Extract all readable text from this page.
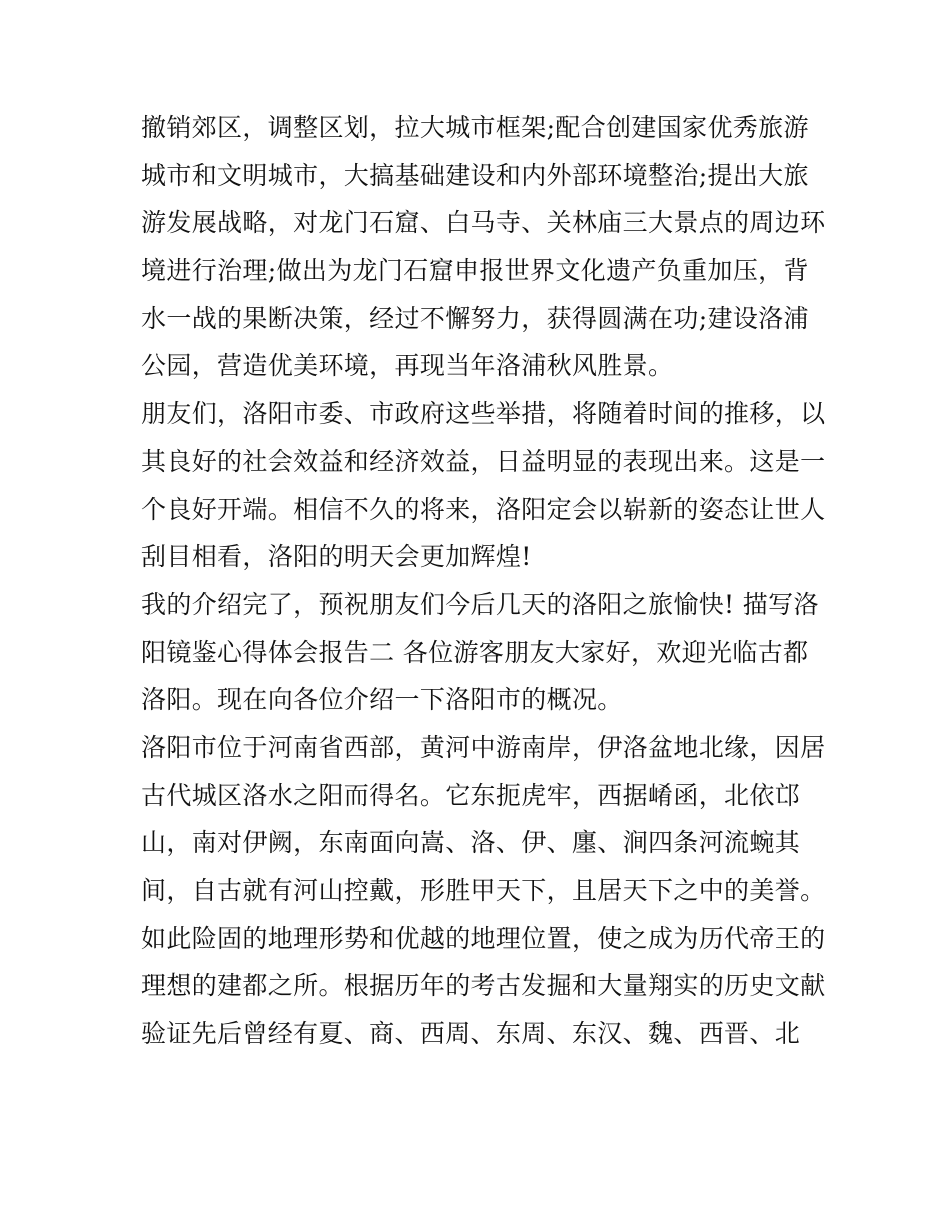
撤销郊区，调整区划，拉大城市框架;配合创建国家优秀旅游
城市和文明城市，大搞基础建设和内外部环境整治;提出大旅
游发展战略，对龙门石窟、白马寺、关林庙三大景点的周边环
境进行治理;做出为龙门石窟申报世界文化遗产负重加压，背
水一战的果断决策，经过不懈努力，获得圆满在功;建设洛浦
公园，营造优美环境，再现当年洛浦秋风胜景。
朋友们，洛阳市委、市政府这些举措，将随着时间的推移，以
其良好的社会效益和经济效益，日益明显的表现出来。这是一
个良好开端。相信不久的将来，洛阳定会以崭新的姿态让世人
刮目相看，洛阳的明天会更加辉煌!
我的介绍完了，预祝朋友们今后几天的洛阳之旅愉快! 描写洛
阳镜鉴心得体会报告二 各位游客朋友大家好，欢迎光临古都
洛阳。现在向各位介绍一下洛阳市的概况。
洛阳市位于河南省西部，黄河中游南岸，伊洛盆地北缘，因居
古代城区洛水之阳而得名。它东扼虎牢，西据崤函，北依邙
山，南对伊阙，东南面向嵩、洛、伊、廛、涧四条河流蜿其
间，自古就有河山控戴，形胜甲天下，且居天下之中的美誉。
如此险固的地理形势和优越的地理位置，使之成为历代帝王的
理想的建都之所。根据历年的考古发掘和大量翔实的历史文献
验证先后曾经有夏、商、西周、东周、东汉、魏、西晋、北
